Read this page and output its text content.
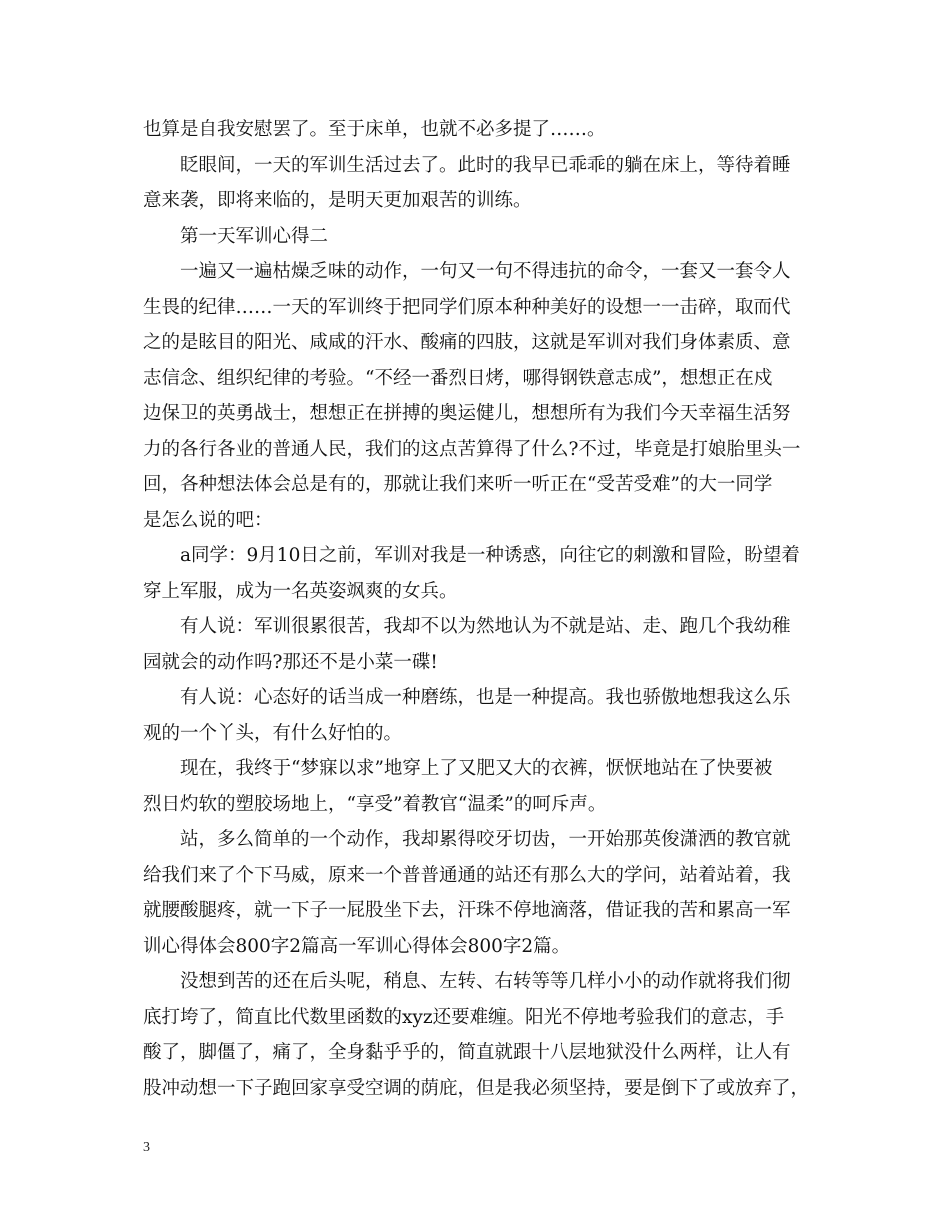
也算是自我安慰罢了。至于床单，也就不必多提了……。
眨眼间，一天的军训生活过去了。此时的我早已乖乖的躺在床上，等待着睡
意来袭，即将来临的，是明天更加艰苦的训练。
第一天军训心得二
一遍又一遍枯燥乏味的动作，一句又一句不得违抗的命令，一套又一套令人
生畏的纪律……一天的军训终于把同学们原本种种美好的设想一一击碎，取而代
之的是眩目的阳光、咸咸的汗水、酸痛的四肢，这就是军训对我们身体素质、意
志信念、组织纪律的考验。“不经一番烈日烤，哪得钢铁意志成”，想想正在戍
边保卫的英勇战士，想想正在拼搏的奥运健儿，想想所有为我们今天幸福生活努
力的各行各业的普通人民，我们的这点苦算得了什么?不过，毕竟是打娘胎里头一
回，各种想法体会总是有的，那就让我们来听一听正在“受苦受难”的大一同学
是怎么说的吧：
a同学：9月10日之前，军训对我是一种诱惑，向往它的刺激和冒险，盼望着
穿上军服，成为一名英姿飒爽的女兵。
有人说：军训很累很苦，我却不以为然地认为不就是站、走、跑几个我幼稚
园就会的动作吗?那还不是小菜一碟!
有人说：心态好的话当成一种磨练，也是一种提高。我也骄傲地想我这么乐
观的一个丫头，有什么好怕的。
现在，我终于“梦寐以求”地穿上了又肥又大的衣裤，恹恹地站在了快要被
烈日灼软的塑胶场地上，“享受”着教官“温柔”的呵斥声。
站，多么简单的一个动作，我却累得咬牙切齿，一开始那英俊潇洒的教官就
给我们来了个下马威，原来一个普普通通的站还有那么大的学问，站着站着，我
就腰酸腿疼，就一下子一屁股坐下去，汗珠不停地滴落，借证我的苦和累高一军
训心得体会800字2篇高一军训心得体会800字2篇。
没想到苦的还在后头呢，稍息、左转、右转等等几样小小的动作就将我们彻
底打垮了，简直比代数里函数的xyz还要难缠。阳光不停地考验我们的意志，手
酸了，脚僵了，痛了，全身黏乎乎的，简直就跟十八层地狱没什么两样，让人有
股冲动想一下子跑回家享受空调的荫庇，但是我必须坚持，要是倒下了或放弃了，
3
